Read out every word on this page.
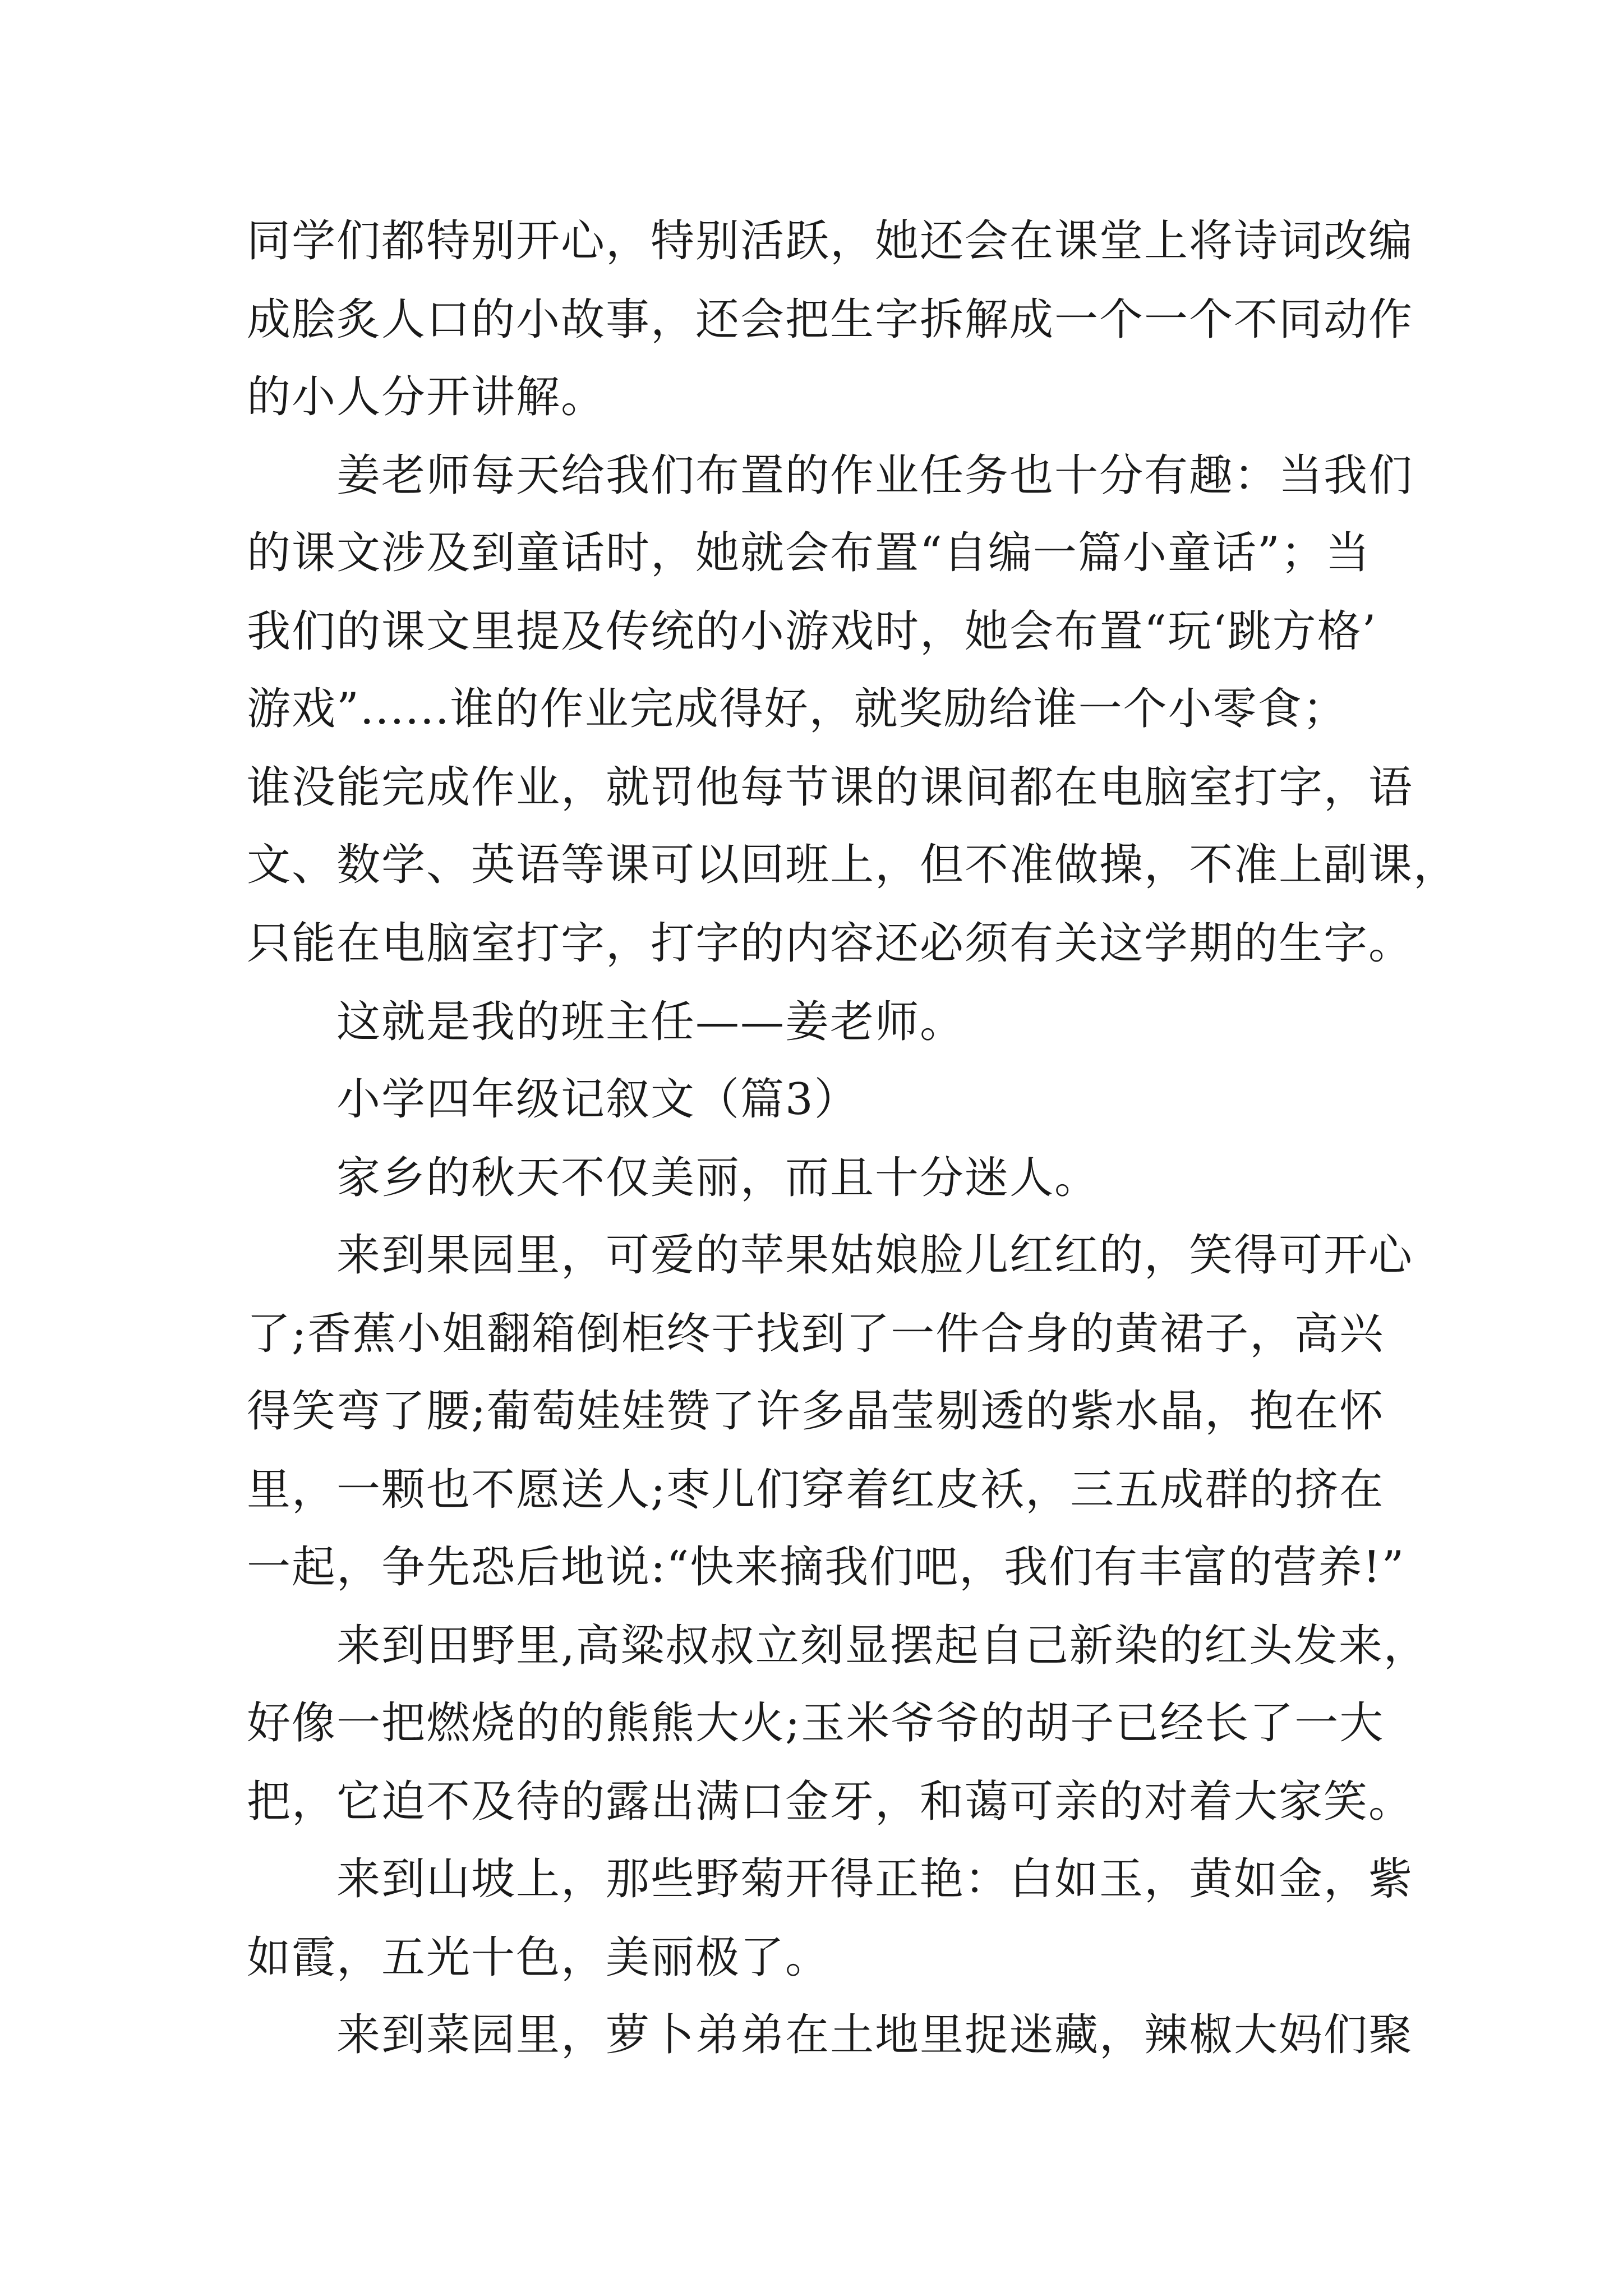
同学们都特别开心，特别活跃，她还会在课堂上将诗词改编
成脍炙人口的小故事，还会把生字拆解成一个一个不同动作
的小人分开讲解。
姜老师每天给我们布置的作业任务也十分有趣：当我们
的课文涉及到童话时，她就会布置“自编一篇小童话”；当
我们的课文里提及传统的小游戏时，她会布置“玩‘跳方格’
游戏”......谁的作业完成得好，就奖励给谁一个小零食；
谁没能完成作业，就罚他每节课的课间都在电脑室打字，语
文、数学、英语等课可以回班上，但不准做操，不准上副课，
只能在电脑室打字，打字的内容还必须有关这学期的生字。
这就是我的班主任——姜老师。
小学四年级记叙文（篇3）
家乡的秋天不仅美丽，而且十分迷人。
来到果园里，可爱的苹果姑娘脸儿红红的，笑得可开心
了;香蕉小姐翻箱倒柜终于找到了一件合身的黄裙子，高兴
得笑弯了腰;葡萄娃娃赞了许多晶莹剔透的紫水晶，抱在怀
里，一颗也不愿送人;枣儿们穿着红皮袄，三五成群的挤在
一起，争先恐后地说:“快来摘我们吧，我们有丰富的营养!”
来到田野里,高粱叔叔立刻显摆起自己新染的红头发来，
好像一把燃烧的的熊熊大火;玉米爷爷的胡子已经长了一大
把，它迫不及待的露出满口金牙，和蔼可亲的对着大家笑。
来到山坡上，那些野菊开得正艳：白如玉，黄如金，紫
如霞，五光十色，美丽极了。
来到菜园里，萝卜弟弟在土地里捉迷藏，辣椒大妈们聚
